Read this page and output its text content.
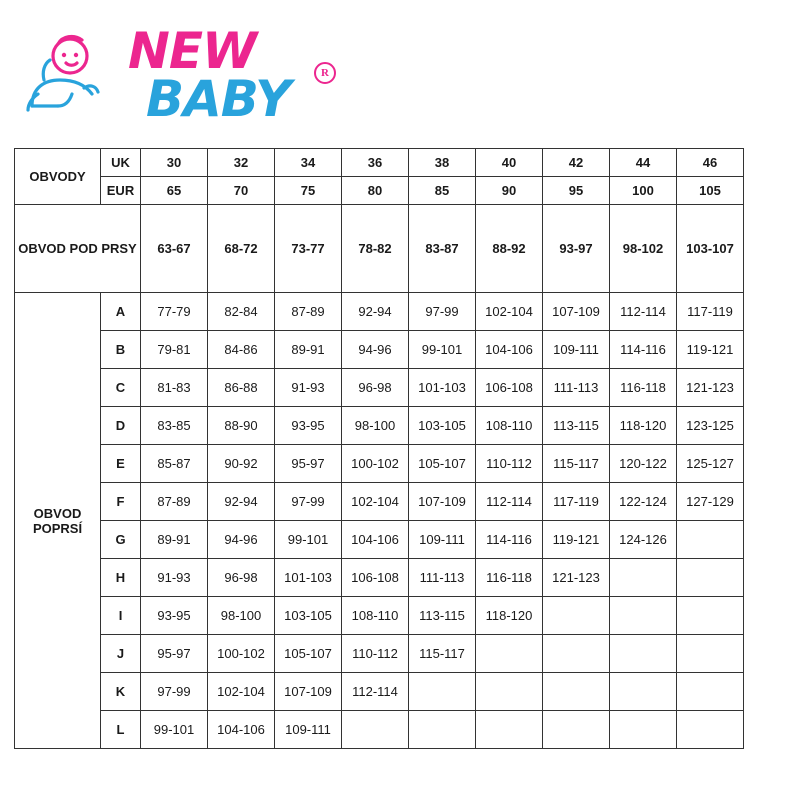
NEW
BABY	R
OBVODY	UK	30	32	34	36	38	40	42	44	46
	EUR	65	70	75	80	85	90	95	100	105
OBVOD POD PRSY		63-67	68-72	73-77	78-82	83-87	88-92	93-97	98-102	103-107
OBVOD POPRSÍ	A	77-79	82-84	87-89	92-94	97-99	102-104	107-109	112-114	117-119
	B	79-81	84-86	89-91	94-96	99-101	104-106	109-111	114-116	119-121
	C	81-83	86-88	91-93	96-98	101-103	106-108	111-113	116-118	121-123
	D	83-85	88-90	93-95	98-100	103-105	108-110	113-115	118-120	123-125
	E	85-87	90-92	95-97	100-102	105-107	110-112	115-117	120-122	125-127
	F	87-89	92-94	97-99	102-104	107-109	112-114	117-119	122-124	127-129
	G	89-91	94-96	99-101	104-106	109-111	114-116	119-121	124-126	
	H	91-93	96-98	101-103	106-108	111-113	116-118	121-123		
	I	93-95	98-100	103-105	108-110	113-115	118-120			
	J	95-97	100-102	105-107	110-112	115-117				
	K	97-99	102-104	107-109	112-114					
	L	99-101	104-106	109-111						
